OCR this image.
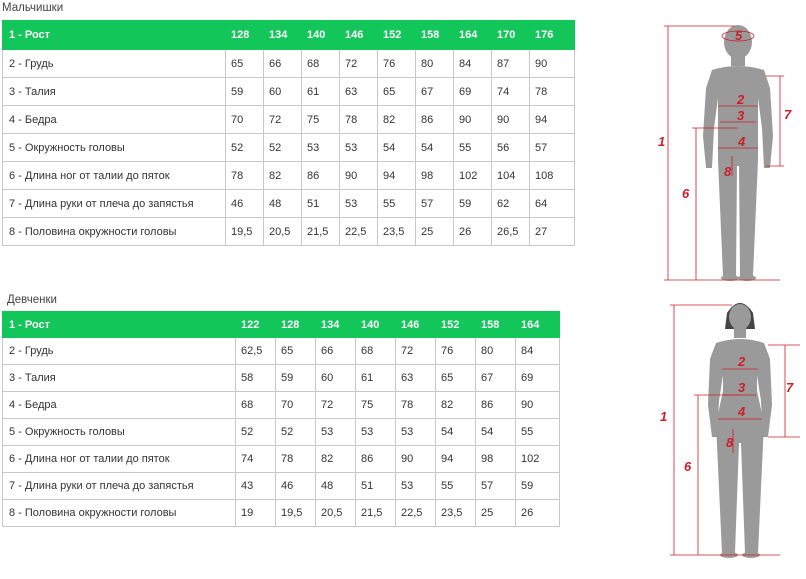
Мальчишки

1 - Рост	128	134	140	146	152	158	164	170	176
2 - Грудь	65	66	68	72	76	80	84	87	90
3 - Талия	59	60	61	63	65	67	69	74	78
4 - Бедра	70	72	75	78	82	86	90	90	94
5 - Окружность головы	52	52	53	53	54	54	55	56	57
6 - Длина ног от талии до пяток	78	82	86	90	94	98	102	104	108
7 - Длина руки от плеча до запястья	46	48	51	53	55	57	59	62	64
8 - Половина окружности головы	19,5	20,5	21,5	22,5	23,5	25	26	26,5	27

Девченки

1 - Рост	122	128	134	140	146	152	158	164
2 - Грудь	62,5	65	66	68	72	76	80	84
3 - Талия	58	59	60	61	63	65	67	69
4 - Бедра	68	70	72	75	78	82	86	90
5 - Окружность головы	52	52	53	53	53	54	54	55
6 - Длина ног от талии до пяток	74	78	82	86	90	94	98	102
7 - Длина руки от плеча до запястья	43	46	48	51	53	55	57	59
8 - Половина окружности головы	19	19,5	20,5	21,5	22,5	23,5	25	26
5
2
7
3
1	4
6
8
2
7
3
1	4
8
6
